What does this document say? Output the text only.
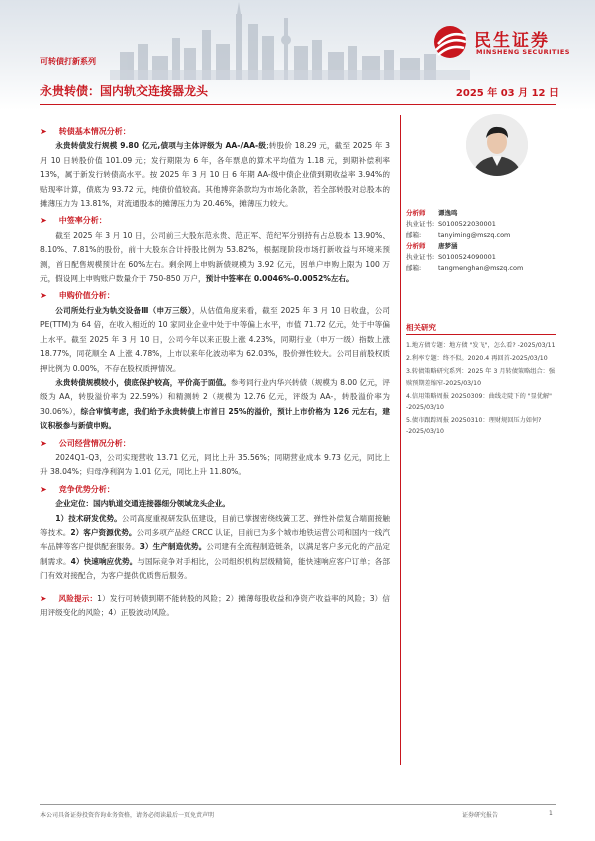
民生证券
MINSHENG SECURITIES
可转债打新系列
永贵转债：国内轨交连接器龙头	2025 年 03 月 12 日
➤ 转债基本情况分析：

永贵转债发行规模 9.80 亿元,债项与主体评级为 AA-/AA-级;转股价 18.29 元，截至 2025 年 3 月 10 日转股价值 101.09 元；发行期限为 6 年，各年票息的算术平均值为 1.18 元，到期补偿利率 13%，属于新发行转债高水平。按 2025 年 3 月 10 日 6 年期 AA-级中债企业债到期收益率 3.94%的贴现率计算，债底为 93.72 元，纯债价值较高。其他博弈条款均为市场化条款，若全部转股对总股本的摊薄压力为 13.81%，对流通股本的摊薄压力为 20.46%，摊薄压力较大。

➤ 中签率分析：

截至 2025 年 3 月 10 日，公司前三大股东范永贵、范正军、范纪军分别持有占总股本 13.90%、8.10%、7.81%的股份，前十大股东合计持股比例为 53.82%，根据现阶段市场打新收益与环境来预测，首日配售规模预计在 60%左右。剩余网上申购新债规模为 3.92 亿元，因单户申购上限为 100 万元，假设网上申购账户数量介于 750-850 万户，预计中签率在 0.0046%-0.0052%左右。

➤ 申购价值分析：

公司所处行业为轨交设备Ⅲ（申万三级），从估值角度来看，截至 2025 年 3 月 10 日收盘，公司 PE(TTM)为 64 倍，在收入相近的 10 家同业企业中处于中等偏上水平，市值 71.72 亿元，处于中等偏上水平。截至 2025 年 3 月 10 日，公司今年以来正股上涨 4.23%，同期行业（申万一级）指数上涨 18.77%，同花顺全 A 上涨 4.78%，上市以来年化波动率为 62.03%，股价弹性较大。公司目前股权质押比例为 0.00%，不存在股权质押情况。

永贵转债规模较小，债底保护较高，平价高于面值。参考同行业内华兴转债（规模为 8.00 亿元，评级为 AA，转股溢价率为 22.59%）和精测转 2（规模为 12.76 亿元，评级为 AA-，转股溢价率为 30.06%），综合审慎考虑，我们给予永贵转债上市首日 25%的溢价，预计上市价格为 126 元左右，建议积极参与新债申购。

➤ 公司经营情况分析：

2024Q1-Q3，公司实现营收 13.71 亿元，同比上升 35.56%；同期营业成本 9.73 亿元，同比上升 38.04%；归母净利润为 1.01 亿元，同比上升 11.80%。

➤ 竞争优势分析：

企业定位：国内轨道交通连接器细分领域龙头企业。

1）技术研发优势。公司高度重视研发队伍建设，目前已掌握密绕线簧工艺、弹性补偿复合端面接触等技术。2）客户资源优势。公司多项产品经 CRCC 认证，目前已为多个城市地铁运营公司和国内一线汽车品牌等客户提供配套服务。3）生产制造优势。公司建有全流程制造链条，以满足客户多元化的产品定制需求。4）快速响应优势。与国际竞争对手相比，公司组织机构层级精简，能快速响应客户订单；各部门有效对接配合，为客户提供优质售后服务。

➤ 风险提示：1）发行可转债到期不能转股的风险；2）摊薄每股收益和净资产收益率的风险；3）信用评级变化的风险；4）正股波动风险。

分析师	谭逸鸣
执业证书: S0100522030001
邮箱:	tanyiming@mszq.com
分析师	唐梦涵
执业证书: S0100524090001
邮箱:	tangmenghan@mszq.com
相关研究
1.地方债专题：地方债 "发飞"，怎么看? -2025/03/11
2.利率专题：终不似。2020.4 再回首-2025/03/10
3.转债策略研究系列：2025 年 3 月转债策略组合：强赎预期差缩窄-2025/03/10
4.信用策略周报 20250309：曲线走陡下的 "显优解" -2025/03/10
5.债市跟踪周报 20250310：理财规回压力如何? -2025/03/10
本公司具备证券投资咨询业务资格，请务必阅读最后一页免责声明	证券研究报告	1
